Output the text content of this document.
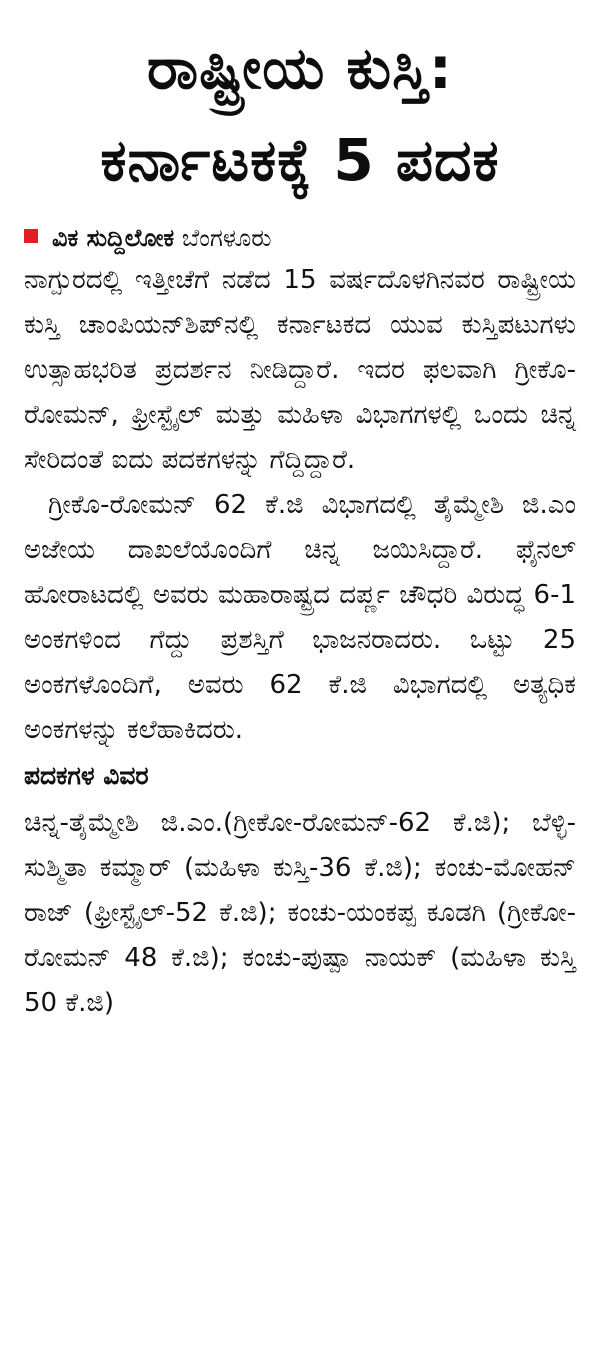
ರಾಷ್ಟ್ರೀಯ ಕುಸ್ತಿ:
ಕರ್ನಾಟಕಕ್ಕೆ 5 ಪದಕ
ವಿಕ ಸುದ್ದಿಲೋಕ ಬೆಂಗಳೂರು

ನಾಗ್ಪುರದಲ್ಲಿ ಇತ್ತೀಚೆಗೆ ನಡೆದ 15 ವರ್ಷದೊಳಗಿನವರ ರಾಷ್ಟ್ರೀಯ ಕುಸ್ತಿ ಚಾಂಪಿಯನ್‌ಶಿಪ್‌ನಲ್ಲಿ ಕರ್ನಾಟಕದ ಯುವ ಕುಸ್ತಿಪಟುಗಳು ಉತ್ಸಾಹಭರಿತ ಪ್ರದರ್ಶನ ನೀಡಿದ್ದಾರೆ. ಇದರ ಫಲವಾಗಿ ಗ್ರೀಕೊ-ರೋಮನ್, ಫ್ರೀಸ್ಟೈಲ್ ಮತ್ತು ಮಹಿಳಾ ವಿಭಾಗಗಳಲ್ಲಿ ಒಂದು ಚಿನ್ನ ಸೇರಿದಂತೆ ಐದು ಪದಕಗಳನ್ನು ಗೆದ್ದಿದ್ದಾರೆ.

ಗ್ರೀಕೊ-ರೋಮನ್ 62 ಕೆ.ಜಿ ವಿಭಾಗದಲ್ಲಿ ತೈಮ್ಮೇಶಿ ಜಿ.ಎಂ ಅಜೇಯ ದಾಖಲೆಯೊಂದಿಗೆ ಚಿನ್ನ ಜಯಿಸಿದ್ದಾರೆ. ಫೈನಲ್ ಹೋರಾಟದಲ್ಲಿ ಅವರು ಮಹಾರಾಷ್ಟ್ರದ ದರ್ಪ್ಣ ಚೌಧರಿ ವಿರುದ್ಧ 6-1 ಅಂಕಗಳಿಂದ ಗೆದ್ದು ಪ್ರಶಸ್ತಿಗೆ ಭಾಜನರಾದರು. ಒಟ್ಟು 25 ಅಂಕಗಳೊಂದಿಗೆ, ಅವರು 62 ಕೆ.ಜಿ ವಿಭಾಗದಲ್ಲಿ ಅತ್ಯಧಿಕ ಅಂಕಗಳನ್ನು ಕಲೆಹಾಕಿದರು.

ಪದಕಗಳ ವಿವರ

ಚಿನ್ನ-ತೈಮ್ಮೇಶಿ ಜಿ.ಎಂ.(ಗ್ರೀಕೋ-ರೋಮನ್-62 ಕೆ.ಜಿ); ಬೆಳ್ಳಿ-ಸುಶ್ಮಿತಾ ಕಮ್ಮಾರ್ (ಮಹಿಳಾ ಕುಸ್ತಿ-36 ಕೆ.ಜಿ); ಕಂಚು-ಮೋಹನ್ ರಾಜ್ (ಫ್ರೀಸ್ಟೈಲ್-52 ಕೆ.ಜಿ); ಕಂಚು-ಯಂಕಪ್ಪ ಕೂಡಗಿ (ಗ್ರೀಕೋ-ರೋಮನ್ 48 ಕೆ.ಜಿ); ಕಂಚು-ಪುಷ್ಪಾ ನಾಯಕ್ (ಮಹಿಳಾ ಕುಸ್ತಿ 50 ಕೆ.ಜಿ)
